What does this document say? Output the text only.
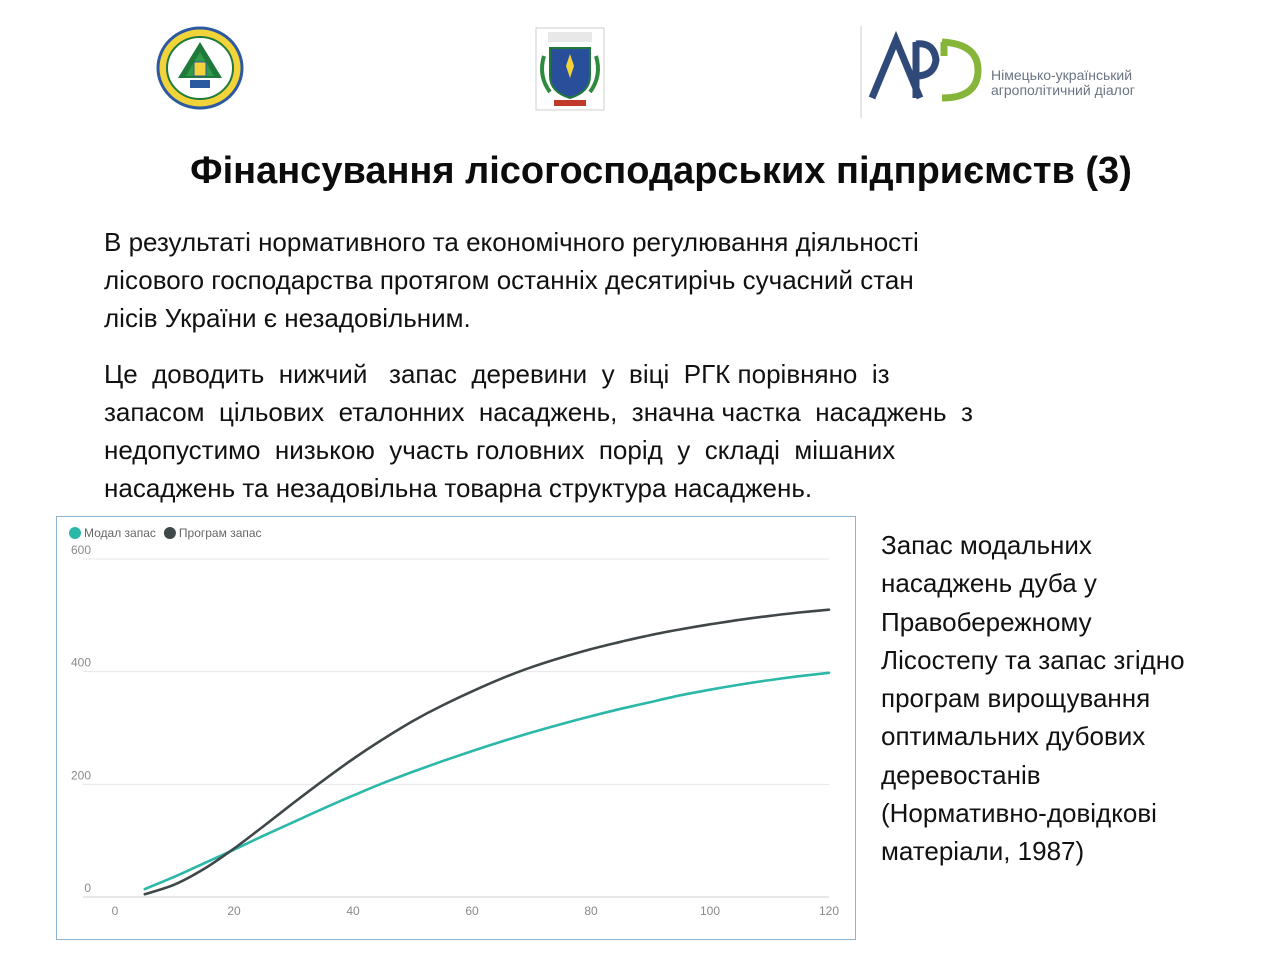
Німецько-український
агрополітичний діалог
Фінансування лісогосподарських підприємств (3)

В результаті нормативного та економічного регулювання діяльності
лісового господарства протягом останніх десятирічь сучасний стан
лісів України є незадовільним.

Це  доводить  нижчий   запас  деревини  у  віці  РГК порівняно  із
запасом  цільових  еталонних  насаджень,  значна частка  насаджень  з
недопустимо  низькою  участь головних  порід  у  складі  мішаних
насаджень та незадовільна товарна структура насаджень.

0
200
400
600
0	20	40	60	80	100	120
Модал запас Програм запас	Запас модальних
насаджень дуба у
Правобережному
Лісостепу та запас згідно
програм вирощування
оптимальних дубових
деревостанів
(Нормативно-довідкові
матеріали, 1987)
